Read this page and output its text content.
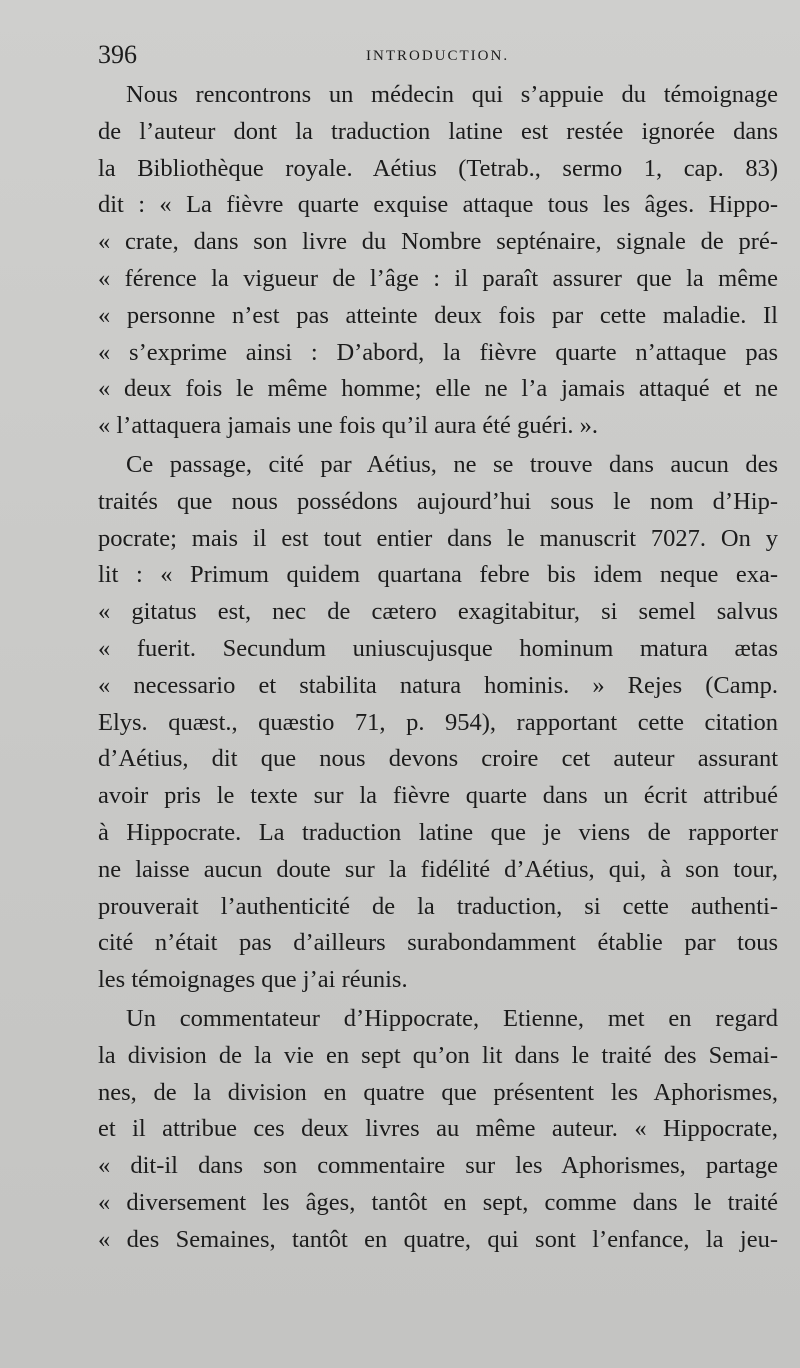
396	INTRODUCTION.
Nous rencontrons un médecin qui s’appuie du témoignage
de l’auteur dont la traduction latine est restée ignorée dans
la Bibliothèque royale. Aétius (Tetrab., sermo 1, cap. 83)
dit : « La fièvre quarte exquise attaque tous les âges. Hippo-
« crate, dans son livre du Nombre septénaire, signale de pré-
« férence la vigueur de l’âge : il paraît assurer que la même
« personne n’est pas atteinte deux fois par cette maladie. Il
« s’exprime ainsi : D’abord, la fièvre quarte n’attaque pas
« deux fois le même homme; elle ne l’a jamais attaqué et ne
« l’attaquera jamais une fois qu’il aura été guéri. ».
Ce passage, cité par Aétius, ne se trouve dans aucun des
traités que nous possédons aujourd’hui sous le nom d’Hip-
pocrate; mais il est tout entier dans le manuscrit 7027. On y
lit : « Primum quidem quartana febre bis idem neque exa-
« gitatus est, nec de cætero exagitabitur, si semel salvus
« fuerit. Secundum uniuscujusque hominum matura ætas
« necessario et stabilita natura hominis. » Rejes (Camp.
Elys. quæst., quæstio 71, p. 954), rapportant cette citation
d’Aétius, dit que nous devons croire cet auteur assurant
avoir pris le texte sur la fièvre quarte dans un écrit attribué
à Hippocrate. La traduction latine que je viens de rapporter
ne laisse aucun doute sur la fidélité d’Aétius, qui, à son tour,
prouverait l’authenticité de la traduction, si cette authenti-
cité n’était pas d’ailleurs surabondamment établie par tous
les témoignages que j’ai réunis.
Un commentateur d’Hippocrate, Etienne, met en regard
la division de la vie en sept qu’on lit dans le traité des Semai-
nes, de la division en quatre que présentent les Aphorismes,
et il attribue ces deux livres au même auteur. « Hippocrate,
« dit-il dans son commentaire sur les Aphorismes, partage
« diversement les âges, tantôt en sept, comme dans le traité
« des Semaines, tantôt en quatre, qui sont l’enfance, la jeu-
